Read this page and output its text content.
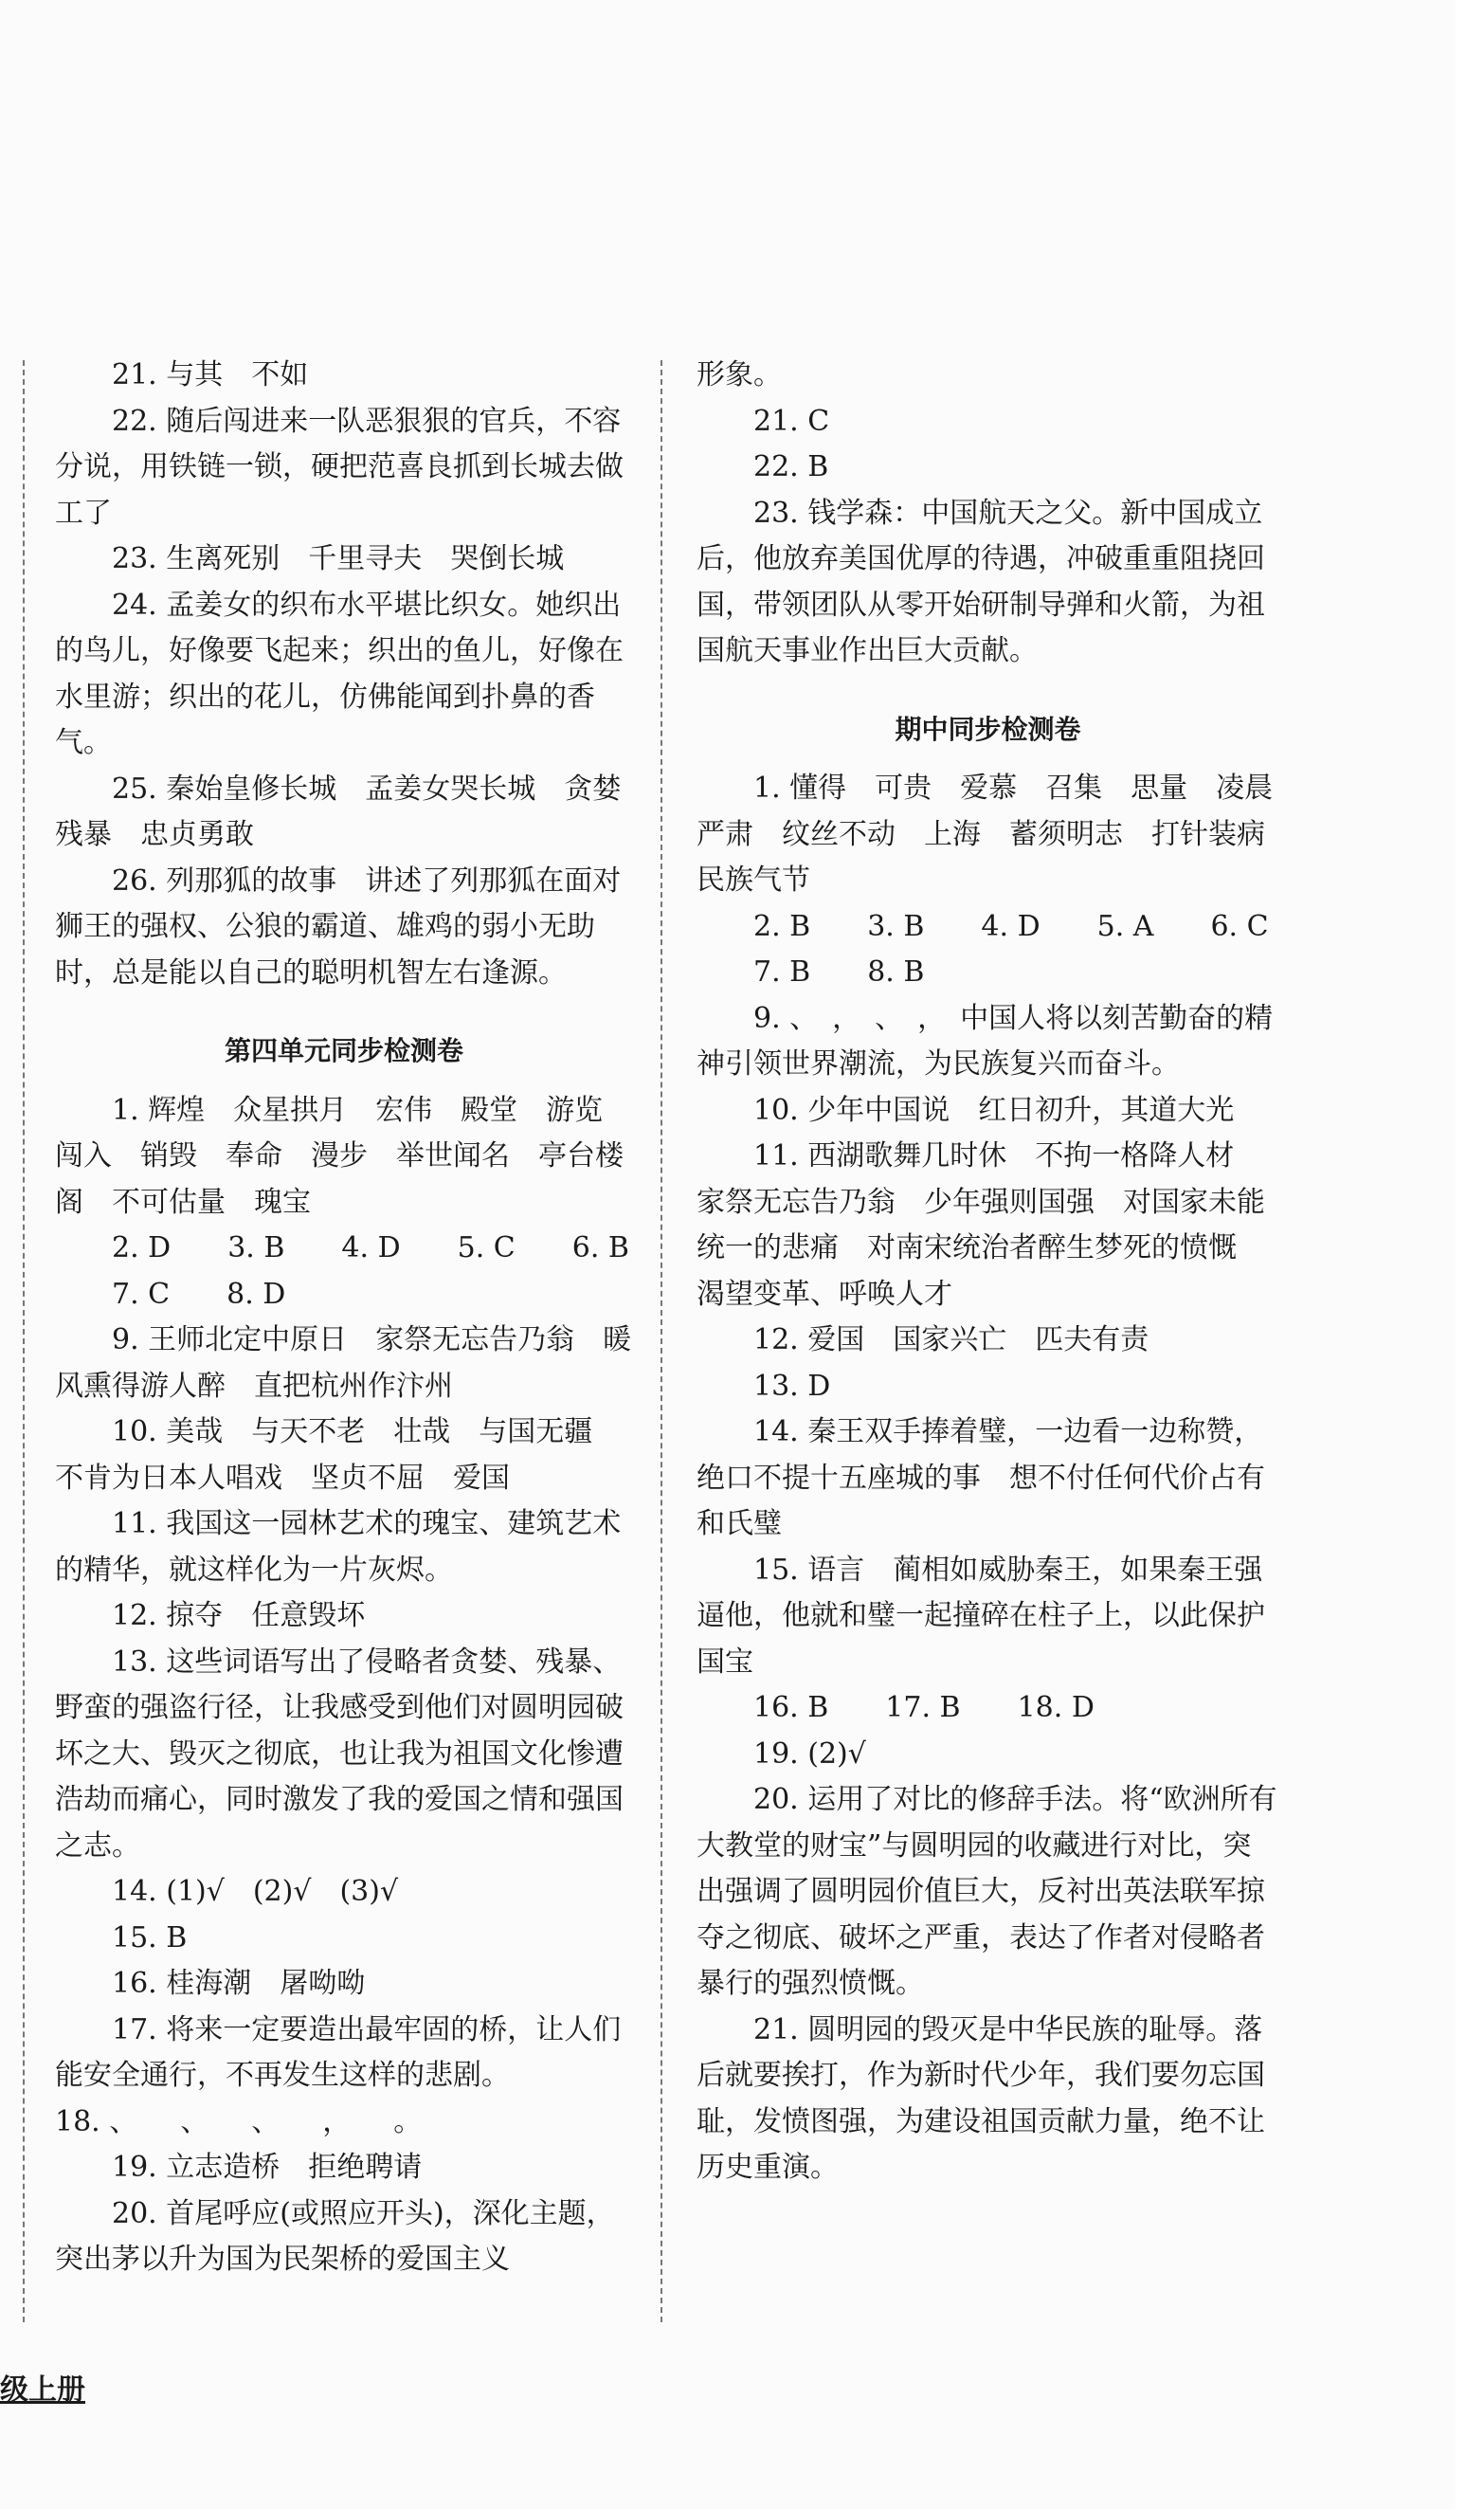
21. 与其　不如

22. 随后闯进来一队恶狠狠的官兵，不容分说，用铁链一锁，硬把范喜良抓到长城去做工了

23. 生离死别　千里寻夫　哭倒长城

24. 孟姜女的织布水平堪比织女。她织出的鸟儿，好像要飞起来；织出的鱼儿，好像在水里游；织出的花儿，仿佛能闻到扑鼻的香气。

25. 秦始皇修长城　孟姜女哭长城　贪婪残暴　忠贞勇敢

26. 列那狐的故事　讲述了列那狐在面对狮王的强权、公狼的霸道、雄鸡的弱小无助时，总是能以自己的聪明机智左右逢源。

第四单元同步检测卷

1. 辉煌　众星拱月　宏伟　殿堂　游览　闯入　销毁　奉命　漫步　举世闻名　亭台楼阁　不可估量　瑰宝

2. D　　3. B　　4. D　　5. C　　6. B

7. C　　8. D

9. 王师北定中原日　家祭无忘告乃翁　暖风熏得游人醉　直把杭州作汴州

10. 美哉　与天不老　壮哉　与国无疆　不肯为日本人唱戏　坚贞不屈　爱国

11. 我国这一园林艺术的瑰宝、建筑艺术的精华，就这样化为一片灰烬。

12. 掠夺　任意毁坏

13. 这些词语写出了侵略者贪婪、残暴、野蛮的强盗行径，让我感受到他们对圆明园破坏之大、毁灭之彻底，也让我为祖国文化惨遭浩劫而痛心，同时激发了我的爱国之情和强国之志。

14. (1)√　(2)√　(3)√

15. B

16. 桂海潮　屠呦呦

17. 将来一定要造出最牢固的桥，让人们能安全通行，不再发生这样的悲剧。

18. 、　　、　　、　　，　　。

19. 立志造桥　拒绝聘请

20. 首尾呼应(或照应开头)，深化主题，突出茅以升为国为民架桥的爱国主义

形象。

21. C

22. B

23. 钱学森：中国航天之父。新中国成立后，他放弃美国优厚的待遇，冲破重重阻挠回国，带领团队从零开始研制导弹和火箭，为祖国航天事业作出巨大贡献。

期中同步检测卷

1. 懂得　可贵　爱慕　召集　思量　凌晨　严肃　纹丝不动　上海　蓄须明志　打针装病　民族气节

2. B　　3. B　　4. D　　5. A　　6. C

7. B　　8. B

9. 、　，　、　，　中国人将以刻苦勤奋的精神引领世界潮流，为民族复兴而奋斗。

10. 少年中国说　红日初升，其道大光

11. 西湖歌舞几时休　不拘一格降人材　家祭无忘告乃翁　少年强则国强　对国家未能统一的悲痛　对南宋统治者醉生梦死的愤慨　渴望变革、呼唤人才

12. 爱国　国家兴亡　匹夫有责

13. D

14. 秦王双手捧着璧，一边看一边称赞，绝口不提十五座城的事　想不付任何代价占有和氏璧

15. 语言　蔺相如威胁秦王，如果秦王强逼他，他就和璧一起撞碎在柱子上，以此保护国宝

16. B　　17. B　　18. D

19. (2)√

20. 运用了对比的修辞手法。将“欧洲所有大教堂的财宝”与圆明园的收藏进行对比，突出强调了圆明园价值巨大，反衬出英法联军掠夺之彻底、破坏之严重，表达了作者对侵略者暴行的强烈愤慨。

21. 圆明园的毁灭是中华民族的耻辱。落后就要挨打，作为新时代少年，我们要勿忘国耻，发愤图强，为建设祖国贡献力量，绝不让历史重演。

级上册
